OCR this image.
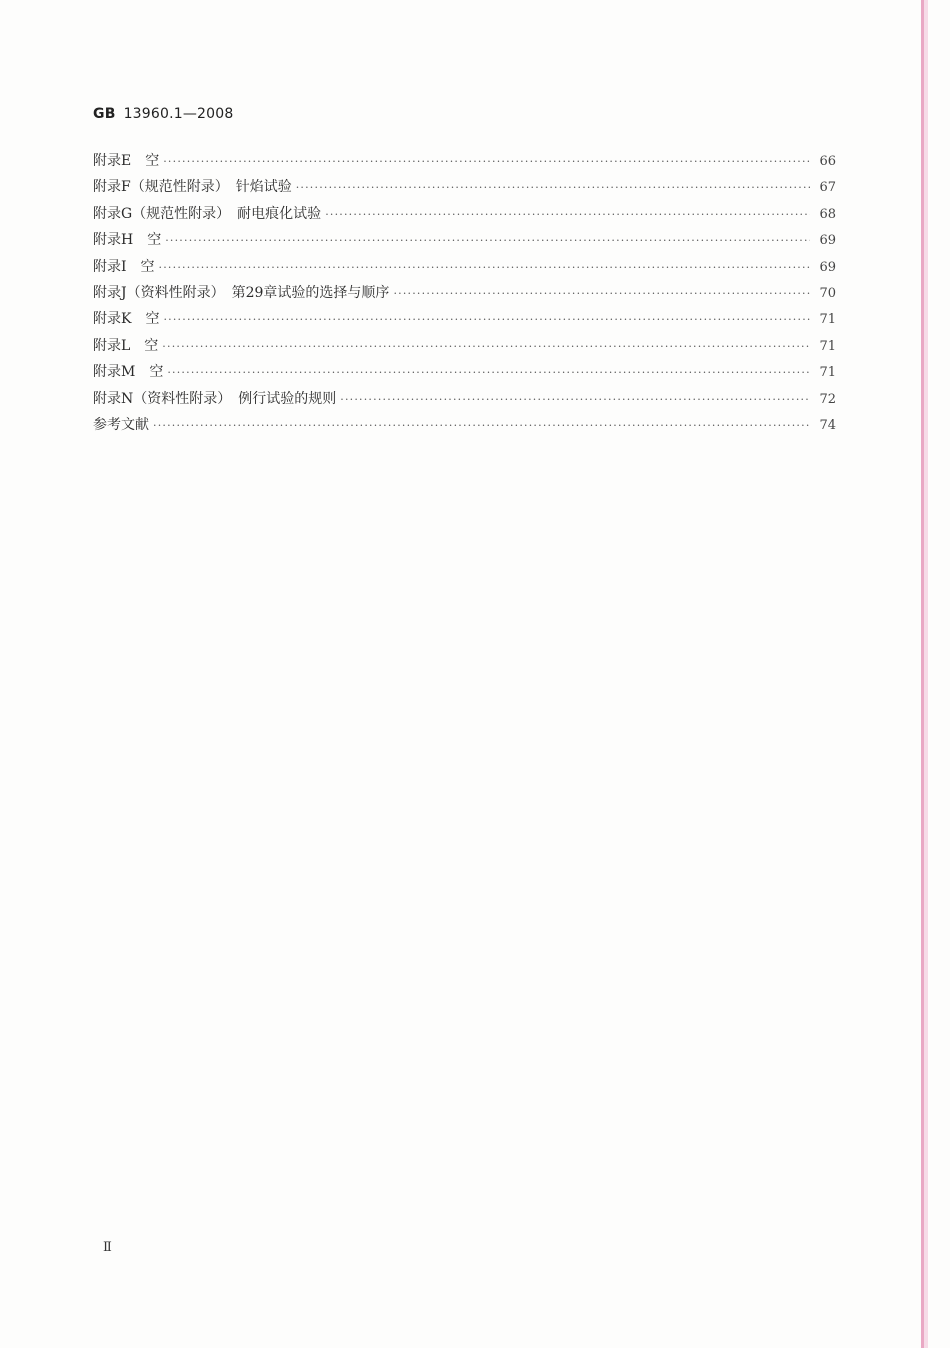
GB 13960.1—2008
附录E　空 ·····	66
附录F（规范性附录）　针焰试验 ·····	67
附录G（规范性附录）　耐电痕化试验 ·····	68
附录H　空 ·····	69
附录I　空 ·····	69
附录J（资料性附录）　第29章试验的选择与顺序 ·····	70
附录K　空 ·····	71
附录L　空 ·····	71
附录M　空 ·····	71
附录N（资料性附录）　例行试验的规则 ·····	72
参考文献 ·····	74
Ⅱ
